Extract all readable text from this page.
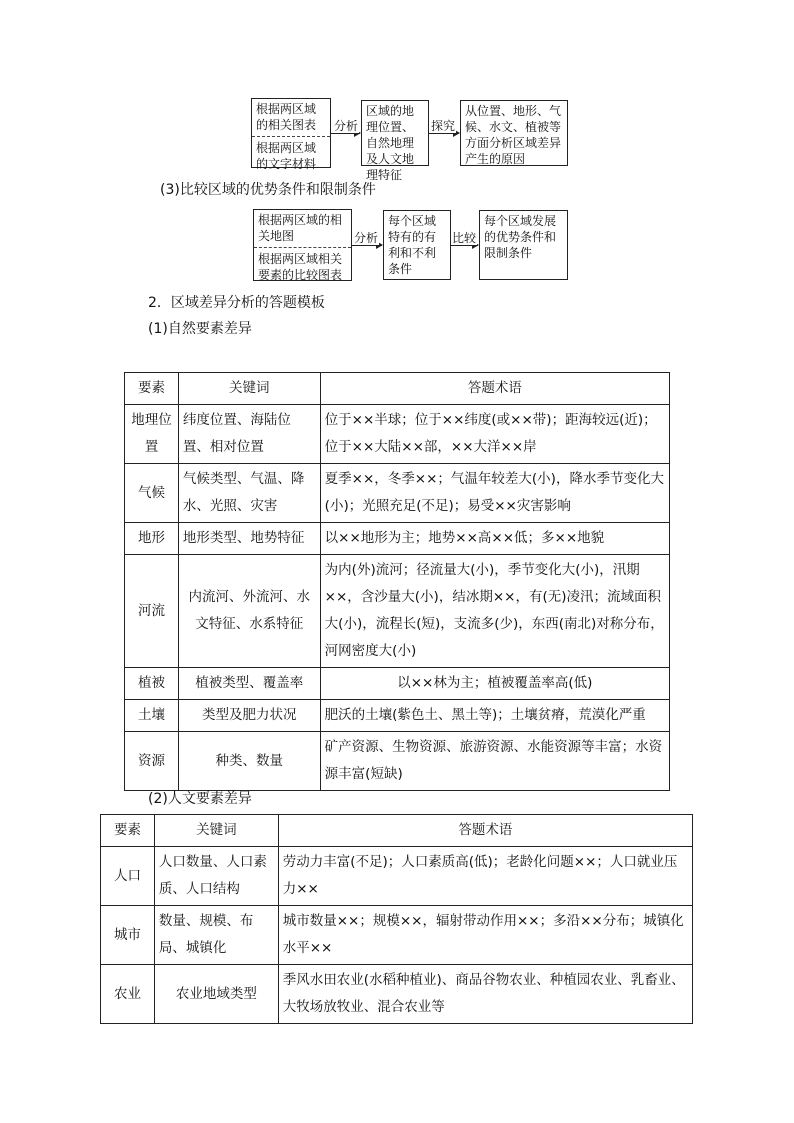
根据两区域的相关图表
根据两区域的文字材料
分析
区域的地理位置、自然地理及人文地理特征
探究
从位置、地形、气候、水文、植被等方面分析区域差异产生的原因
(3)比较区域的优势条件和限制条件
根据两区域的相关地图
根据两区域相关要素的比较图表
分析
每个区域特有的有利和不利条件
比较
每个区域发展的优势条件和限制条件
2．区域差异分析的答题模板
(1)自然要素差异
要素	关键词	答题术语
地理位置	纬度位置、海陆位置、相对位置	位于××半球；位于××纬度(或××带)；距海较远(近)；位于××大陆××部，××大洋××岸
气候	气候类型、气温、降水、光照、灾害	夏季××，冬季××；气温年较差大(小)，降水季节变化大(小)；光照充足(不足)；易受××灾害影响
地形	地形类型、地势特征	以××地形为主；地势××高××低；多××地貌
河流	内流河、外流河、水文特征、水系特征	为内(外)流河；径流量大(小)，季节变化大(小)，汛期××，含沙量大(小)，结冰期××，有(无)凌汛；流域面积大(小)，流程长(短)，支流多(少)，东西(南北)对称分布，河网密度大(小)
植被	植被类型、覆盖率	以××林为主；植被覆盖率高(低)
土壤	类型及肥力状况	肥沃的土壤(紫色土、黑土等)；土壤贫瘠，荒漠化严重
资源	种类、数量	矿产资源、生物资源、旅游资源、水能资源等丰富；水资源丰富(短缺)
(2)人文要素差异
要素	关键词	答题术语
人口	人口数量、人口素质、人口结构	劳动力丰富(不足)；人口素质高(低)；老龄化问题××；人口就业压力××
城市	数量、规模、布局、城镇化	城市数量××；规模××，辐射带动作用××；多沿××分布；城镇化水平××
农业	农业地域类型	季风水田农业(水稻种植业)、商品谷物农业、种植园农业、乳畜业、大牧场放牧业、混合农业等
